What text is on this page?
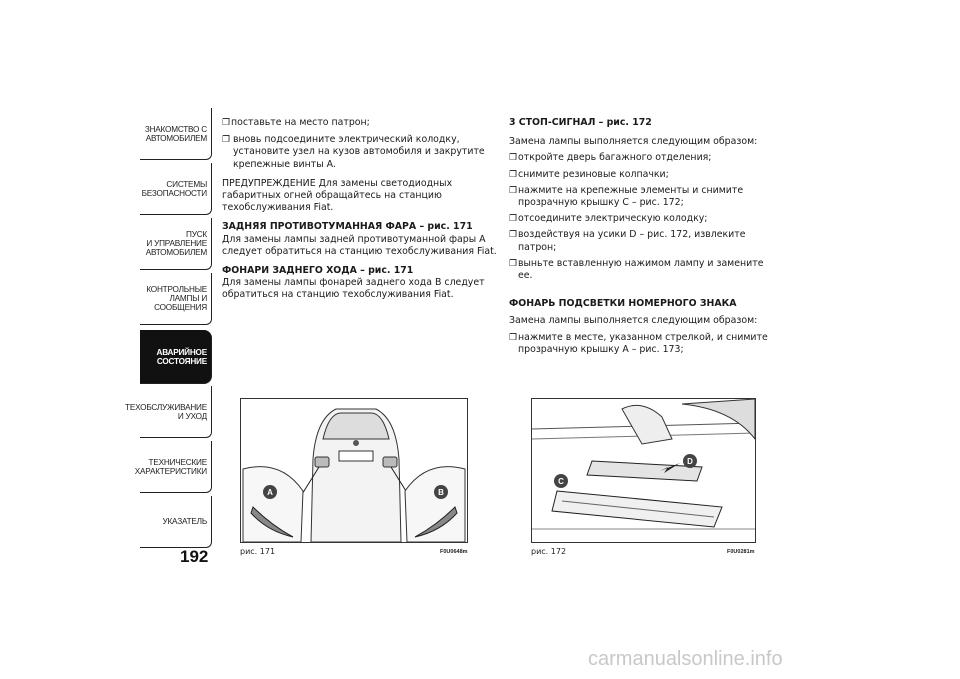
ЗНАКОМСТВО С
АВТОМОБИЛЕМ
СИСТЕМЫ
БЕЗОПАСНОСТИ
ПУСК
И УПРАВЛЕНИЕ
АВТОМОБИЛЕМ
КОНТРОЛЬНЫЕ
ЛАМПЫ И
СООБЩЕНИЯ
АВАРИЙНОЕ
СОСТОЯНИЕ
ТЕХОБСЛУЖИВАНИЕ
И УХОД
ТЕХНИЧЕСКИЕ
ХАРАКТЕРИСТИКИ
УКАЗАТЕЛЬ
192
❐ поставьте на место патрон;
❐ вновь подсоедините электрический колодку, установите узел на кузов автомобиля и закрутите крепежные винты A.

ПРЕДУПРЕЖДЕНИЕ Для замены светодиодных габаритных огней обращайтесь на станцию техобслуживания Fiat.

ЗАДНЯЯ ПРОТИВОТУМАННАЯ ФАРА – рис. 171

Для замены лампы задней противотуманной фары A следует обратиться на станцию техобслуживания Fiat.

ФОНАРИ ЗАДНЕГО ХОДА – рис. 171

Для замены лампы фонарей заднего хода B следует обратиться на станцию техобслуживания Fiat.

3 СТОП-СИГНАЛ – рис. 172

Замена лампы выполняется следующим образом:

❐ откройте дверь багажного отделения;
❐ снимите резиновые колпачки;
❐ нажмите на крепежные элементы и снимите прозрачную крышку C – рис. 172;
❐ отсоедините электрическую колодку;
❐ воздействуя на усики D – рис. 172, извлеките патрон;
❐ выньте вставленную нажимом лампу и замените ее.
ФОНАРЬ ПОДСВЕТКИ НОМЕРНОГО ЗНАКА

Замена лампы выполняется следующим образом:

❐ нажмите в месте, указанном стрелкой, и снимите прозрачную крышку A – рис. 173;
A	B
рис. 171	F0U0648m
C
D
рис. 172	F0U0281m
carmanualsonline.info
